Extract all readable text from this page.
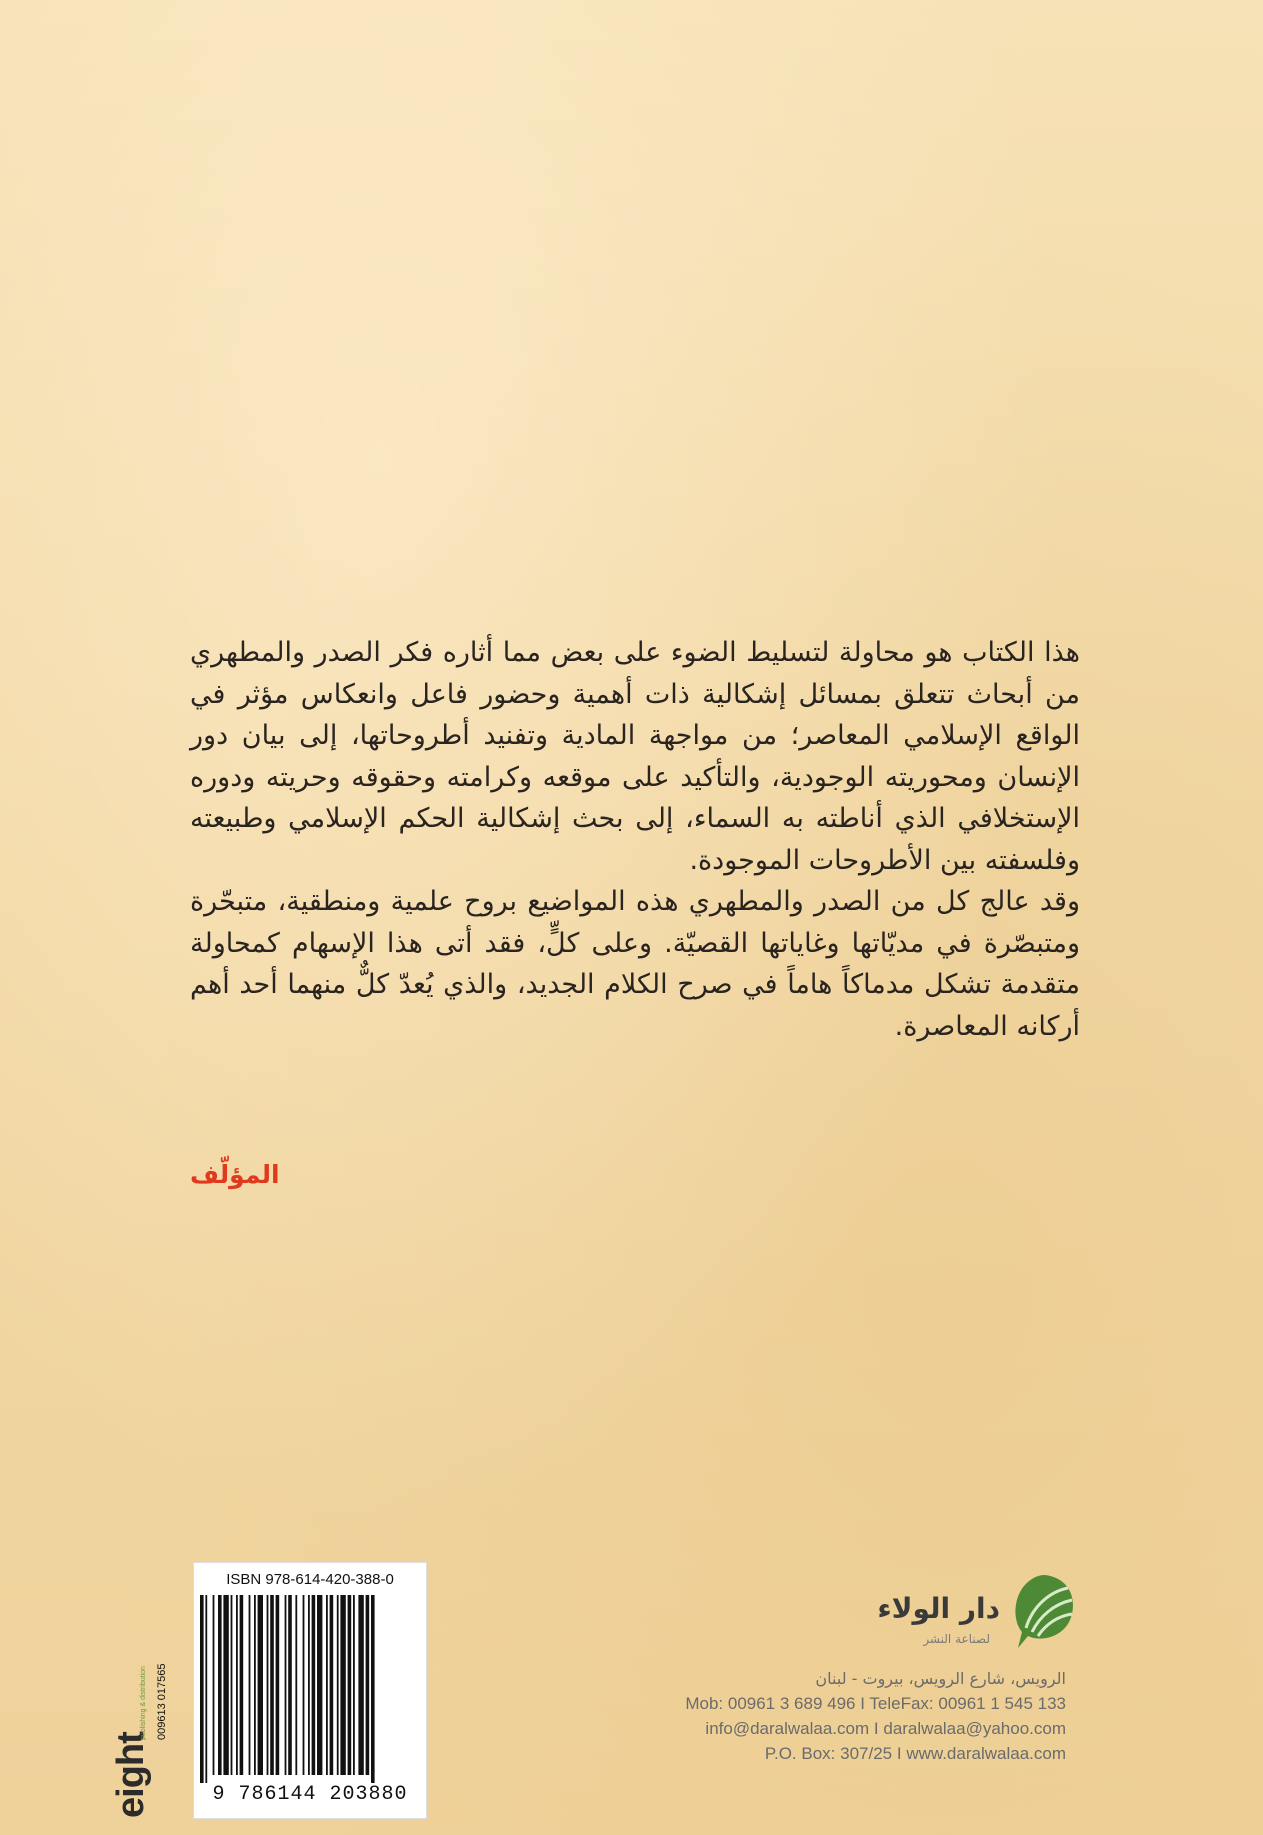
هذا الكتاب هو محاولة لتسليط الضوء على بعض مما أثاره فكر الصدر والمطهري من أبحاث تتعلق بمسائل إشكالية ذات أهمية وحضور فاعل وانعكاس مؤثر في الواقع الإسلامي المعاصر؛ من مواجهة المادية وتفنيد أطروحاتها، إلى بيان دور الإنسان ومحوريته الوجودية، والتأكيد على موقعه وكرامته وحقوقه وحريته ودوره الإستخلافي الذي أناطته به السماء، إلى بحث إشكالية الحكم الإسلامي وطبيعته وفلسفته بين الأطروحات الموجودة.

وقد عالج كل من الصدر والمطهري هذه المواضيع بروح علمية ومنطقية، متبحّرة ومتبصّرة في مديّاتها وغاياتها القصيّة. وعلى كلٍّ، فقد أتى هذا الإسهام كمحاولة متقدمة تشكل مدماكاً هاماً في صرح الكلام الجديد، والذي يُعدّ كلٌّ منهما أحد أهم أركانه المعاصرة.

المؤلّف
ISBN 978-614-420-388-0
9 786144 203880
009613 017565
eight
publishing & distribution
دار الولاء
لصناعة النشر
الرويس، شارع الرويس، بيروت - لبنان
Mob: 00961 3 689 496 I TeleFax: 00961 1 545 133
info@daralwalaa.com I daralwalaa@yahoo.com
P.O. Box: 307/25 I www.daralwalaa.com
